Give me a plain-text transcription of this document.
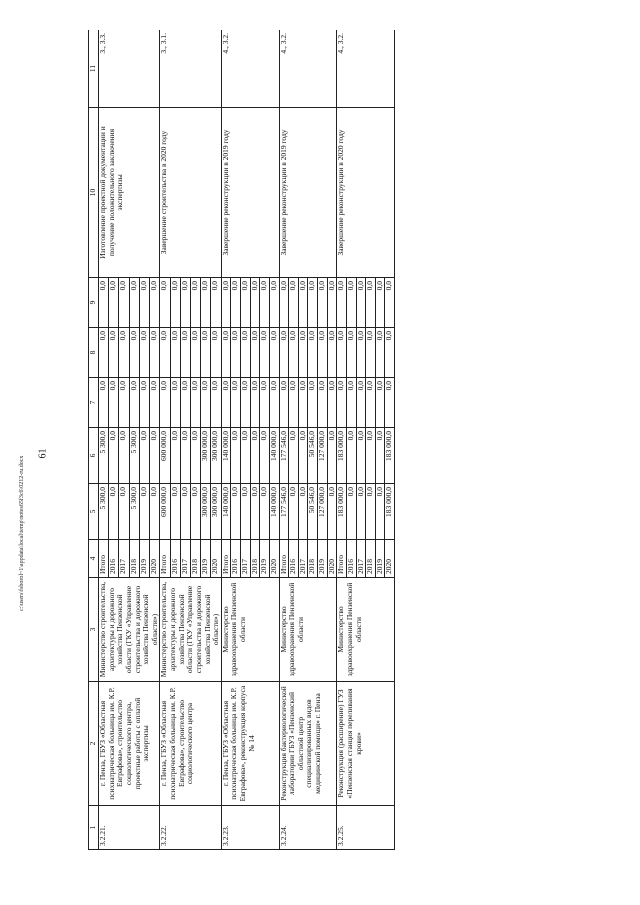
61
c:\users\fsborol~1\appdata\local\temp\notes65f3c6\0212-ru.docx
1	2	3	4	5	6	7	8	9	10	11
3.2.21.	г. Пенза, ГБУЗ «Областная психиатрическая больница им. К.Р. Евграфова», строительство социологического центра, проектные работы с оплатой экспертизы	Министерство строительства, архитектуры и дорожного хозяйства Пензенской области (ГКУ «Управление строительства и дорожного хозяйства Пензенской области»)	Итого	5 300,0	5 300,0	0,0	0,0	0,0	Изготовление проектной документации и получение положительного заключения экспертизы	3., 3.3.
			2016	0,0	0,0	0,0	0,0	0,0		
			2017	0,0	0,0	0,0	0,0	0,0		
			2018	5 300,0	5 300,0	0,0	0,0	0,0		
			2019	0,0	0,0	0,0	0,0	0,0		
			2020	0,0	0,0	0,0	0,0	0,0		
3.2.22.	г. Пенза, ГБУЗ «Областная психиатрическая больница им. К.Р. Евграфова», строительство социологического центра	Министерство строительства, архитектуры и дорожного хозяйства Пензенской области (ГКУ «Управление строительства и дорожного хозяйства Пензенской области»)	Итого	600 000,0	600 000,0	0,0	0,0	0,0	Завершение строительства в 2020 году	3., 3.1.
			2016	0,0	0,0	0,0	0,0	0,0		
			2017	0,0	0,0	0,0	0,0	0,0		
			2018	0,0	0,0	0,0	0,0	0,0		
			2019	300 000,0	300 000,0	0,0	0,0	0,0		
			2020	300 000,0	300 000,0	0,0	0,0	0,0		
3.2.23.	г. Пенза, ГБУЗ «Областная психиатрическая больница им. К.Р. Евграфова», реконструкция корпуса № 14	Министерство здравоохранения Пензенской области	Итого	140 000,0	140 000,0	0,0	0,0	0,0	Завершение реконструкции в 2019 году	4., 3.2.
			2016	0,0	0,0	0,0	0,0	0,0		
			2017	0,0	0,0	0,0	0,0	0,0		
			2018	0,0	0,0	0,0	0,0	0,0		
			2019	0,0	0,0	0,0	0,0	0,0		
			2020	140 000,0	140 000,0	0,0	0,0	0,0		
3.2.24.	Реконструкция бактериологической лаборатории ГБУЗ «Пензенский областной центр специализированных видов медицинской помощи» г. Пенза	Министерство здравоохранения Пензенской области	Итого	177 546,0	177 546,0	0,0	0,0	0,0	Завершение реконструкции в 2019 году	4., 3.2.
			2016	0,0	0,0	0,0	0,0	0,0		
			2017	0,0	0,0	0,0	0,0	0,0		
			2018	50 546,0	50 546,0	0,0	0,0	0,0		
			2019	127 000,0	127 000,0	0,0	0,0	0,0		
			2020	0,0	0,0	0,0	0,0	0,0		
3.2.25.	Реконструкция (расширение) ГУЗ «Пензенская станция переливания крови»	Министерство здравоохранения Пензенской области	Итого	183 000,0	183 000,0	0,0	0,0	0,0	Завершение реконструкции в 2020 году	4., 3.2.
			2016	0,0	0,0	0,0	0,0	0,0		
			2017	0,0	0,0	0,0	0,0	0,0		
			2018	0,0	0,0	0,0	0,0	0,0		
			2019	0,0	0,0	0,0	0,0	0,0		
			2020	183 000,0	183 000,0	0,0	0,0	0,0		
